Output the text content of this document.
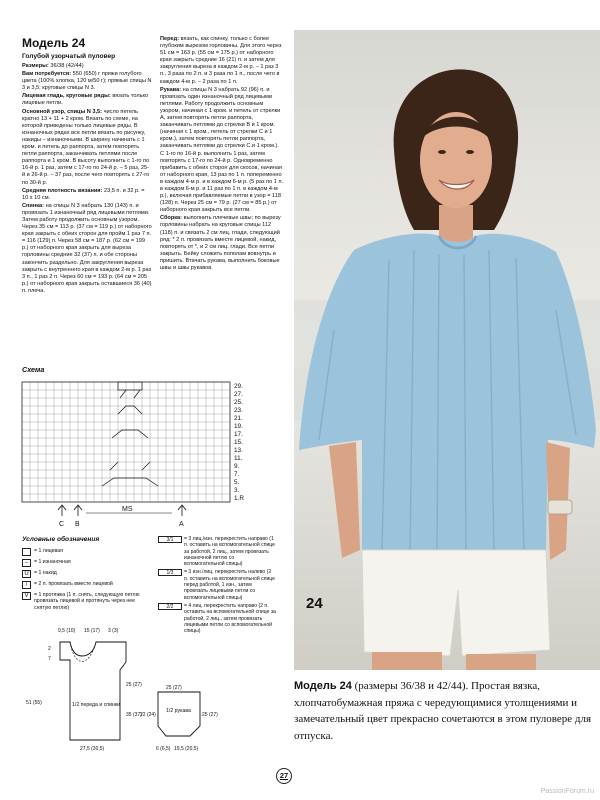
Модель 24
Голубой узорчатый пуловер
Размеры: 36/38 (42/44)
Вам потребуется: 550 (650) г пряжи голубого цвета (100% хлопка, 120 м/50 г); прямые спицы N 3 и 3,5; круговые спицы N 3.
Лицевая гладь, круговые ряды: вязать только лицевые петли.
Основной узор, спицы N 3,5: число петель кратно 13 + 11 + 2 кром. Вязать по схеме, на которой приведены только лицевые ряды. В изнаночных рядах все петли вязать по рисунку, накиды – изнаночными. В ширину начинать с 1 кром. и петель до раппорта, затем повторять петли раппорта, заканчивать петлями после раппорта и 1 кром. В высоту выполнить с 1-го по 16-й р. 1 раз, затем с 17-го по 24-й р. – 5 раз, 25-й и 26-й р. – 37 раз, после чего повторять с 27-го по 30-й р.
Средняя плотность вязания: 23,5 п. и 32 р. = 10 х 10 см.
Спинка: на спицы N 3 набрать 130 (143) п. и провязать 1 изнаночный ряд лицевыми петлями. Затем работу продолжить основным узором. Через 35 см = 113 р. (37 см = 119 р.) от наборного края закрыть с обеих сторон для пройм 1 раз 7 п. = 116 (129) п. Через 58 см = 187 р. (62 см = 199 р.) от наборного края закрыть для выреза горловины средние 32 (37) п. и обе стороны закончить раздельно. Для закругления выреза закрыть с внутреннего края в каждом 2-м р. 1 раз 3 п., 1 раз 2 п. Через 60 см = 193 р. (64 см = 205 р.) от наборного края закрыть оставшиеся 36 (40) п. плеча.
Перед: вязать, как спинку, только с более глубоким вырезом горловины. Для этого через 51 см = 163 р. (55 см = 175 р.) от наборного края закрыть средние 16 (21) п. и затем для закругления выреза в каждом 2-м р. – 1 раз 3 п., 3 раза по 2 п. и 3 раза по 1 п., после чего в каждом 4-м р. – 2 раза по 1 п.
Рукава: на спицы N 3 набрать 92 (96) п. и провязать один изнаночный ряд лицевыми петлями. Работу продолжить основным узором, начиная с 1 кром. и петель от стрелки А, затем повторять петли раппорта, заканчивать петлями до стрелки В и 1 кром. (начиная с 1 кром., петель от стрелки С и 1 кром.), затем повторять петли раппорта, заканчивать петлями до стрелки С и 1 кром.). С 1-го по 16-й р. выполнить 1 раз, затем повторять с 17-го по 24-й р. Одновременно прибавить с обеих сторон для скосов, начиная от наборного края, 13 раз по 1 п. попеременно в каждом 4-м р. и в каждом 6-м р. (5 раз по 1 п. в каждом 6-м р. и 11 раз по 1 п. в каждом 4-м р.), включая прибавляемые петли в узор = 118 (128) п. Через 25 см = 79 р. (27 см = 85 р.) от наборного края закрыть все петли.
Сборка: выполнить плечевые швы; по вырезу горловины набрать на круговые спицы 112 (118) п. и связать 2 см лиц. глади, следующий ряд: * 2 п. провязать вместе лицевой, накид, повторять от *, и 2 см лиц. глади. Все петли закрыть. Бейку сложить пополам вовнутрь и пришить. Втачать рукава, выполнить боковые швы и швы рукавов.
24
Модель 24 (размеры 36/38 и 42/44). Простая вязка, хлопчатобумажная пряжа с чередующимися утолщениями и замечательный цвет прекрасно сочетаются в этом пуловере для отпуска.
Схема
29.
27.
25.
23.
21.
19.
17.
15.
13.
11.
9.
7.
5.
3.
1.R
C B
MS
A
Условные обозначения
= 1 лицевая
–	= 1 изнаночная
U	= 1 накид
/	= 2 п. провязать вместе лицевой
V	= 1 протяжка (1 п. снять, следующую петлю провязать лицевой и протянуть через нее снятую петлю)
3/1	= 3 лиц./изн. перекрестить направо (1 п. оставить на вспомогательной спице за работой, 2 лиц., затем провязать изнаночной петлю со вспомогательной спицы)
1/3	= 3 изн./лиц. перекрестить налево (2 п. оставить на вспомогательной спице перед работой, 1 изн., затем провязать лицевыми петли со вспомогательной спицы)
2/2	= 4 лиц. перекрестить направо (2 п. оставить на вспомогательной спице за работой, 2 лиц., затем провязать лицевыми петли со вспомогательной спицы)
9,5 (10) 15 (17) 3 (3)
2
7
25 (27)
51 (55)
35 (37)
1/2 переда и спинки
27,5 (30,5)
25 (27)
22 (24)	25 (27)
1/2 рукава
6 (6,5) 19,5 (20,5)
27
PassionForum.ru
